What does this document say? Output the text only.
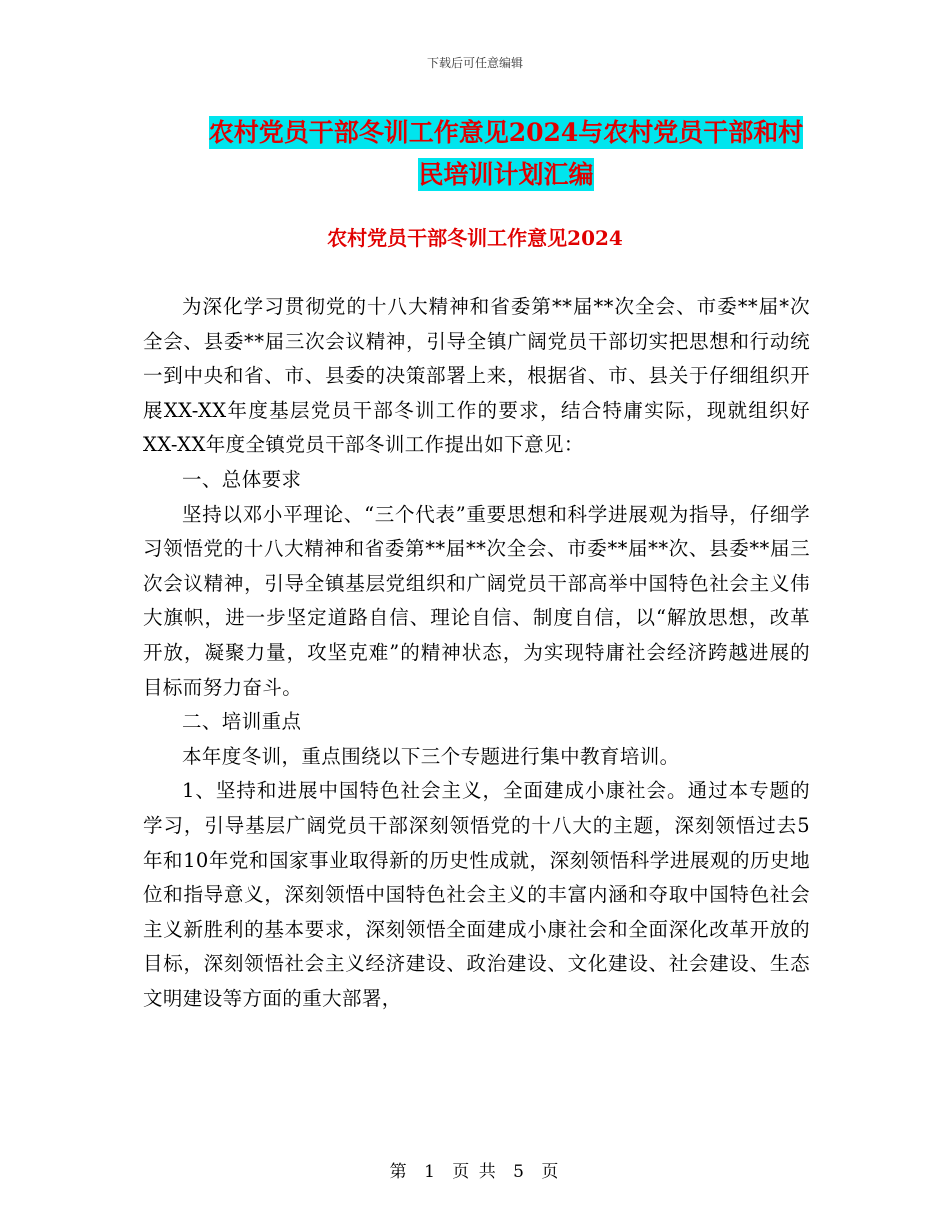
下载后可任意编辑
农村党员干部冬训工作意见2024与农村党员干部和村
民培训计划汇编
农村党员干部冬训工作意见2024

为深化学习贯彻党的十八大精神和省委第**届**次全会、市委**届*次全会、县委**届三次会议精神，引导全镇广阔党员干部切实把思想和行动统一到中央和省、市、县委的决策部署上来，根据省、市、县关于仔细组织开展XX-XX年度基层党员干部冬训工作的要求，结合特庸实际，现就组织好XX-XX年度全镇党员干部冬训工作提出如下意见：

一、总体要求

坚持以邓小平理论、“三个代表”重要思想和科学进展观为指导，仔细学习领悟党的十八大精神和省委第**届**次全会、市委**届**次、县委**届三次会议精神，引导全镇基层党组织和广阔党员干部高举中国特色社会主义伟大旗帜，进一步坚定道路自信、理论自信、制度自信，以“解放思想，改革开放，凝聚力量，攻坚克难”的精神状态，为实现特庸社会经济跨越进展的目标而努力奋斗。

二、培训重点

本年度冬训，重点围绕以下三个专题进行集中教育培训。

1、坚持和进展中国特色社会主义，全面建成小康社会。通过本专题的学习，引导基层广阔党员干部深刻领悟党的十八大的主题，深刻领悟过去5年和10年党和国家事业取得新的历史性成就，深刻领悟科学进展观的历史地位和指导意义，深刻领悟中国特色社会主义的丰富内涵和夺取中国特色社会主义新胜利的基本要求，深刻领悟全面建成小康社会和全面深化改革开放的目标，深刻领悟社会主义经济建设、政治建设、文化建设、社会建设、生态文明建设等方面的重大部署，

第 1 页 共 5 页
